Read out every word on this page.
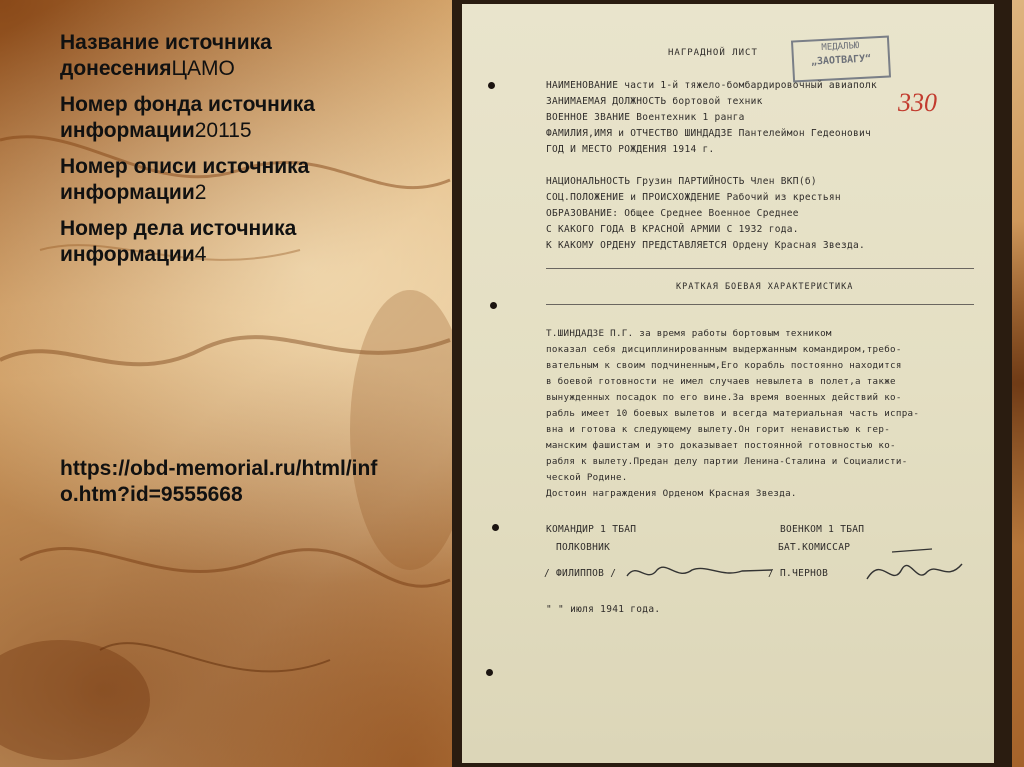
Название источника донесенияЦАМО
Номер фонда источника информации20115
Номер описи источника информации2
Номер дела источника информации4
https://obd-memorial.ru/html/info.htm?id=9555668
НАГРАДНОЙ ЛИСТ	МЕДАЛЬЮ
„ЗАОТВАГУ“
330
НАИМЕНОВАНИЕ части 1-й тяжело-бомбардировочный авиаполк
ЗАНИМАЕМАЯ ДОЛЖНОСТЬ бортовой техник
ВОЕННОЕ ЗВАНИЕ Воентехник 1 ранга
ФАМИЛИЯ,ИМЯ и ОТЧЕСТВО ШИНДАДЗЕ Пантелеймон Гедеонович
ГОД И МЕСТО РОЖДЕНИЯ 1914 г.
НАЦИОНАЛЬНОСТЬ Грузин ПАРТИЙНОСТЬ Член ВКП(б)
СОЦ.ПОЛОЖЕНИЕ и ПРОИСХОЖДЕНИЕ Рабочий из крестьян
ОБРАЗОВАНИЕ: Общее Среднее Военное Среднее
С КАКОГО ГОДА В КРАСНОЙ АРМИИ С 1932 года.
К КАКОМУ ОРДЕНУ ПРЕДСТАВЛЯЕТСЯ Ордену Красная Звезда.
КРАТКАЯ БОЕВАЯ ХАРАКТЕРИСТИКА
Т.ШИНДАДЗЕ П.Г. за время работы бортовым техником
показал себя дисциплинированным выдержанным командиром,требо-
вательным к своим подчиненным,Его корабль постоянно находится
в боевой готовности не имел случаев невылета в полет,а также
вынужденных посадок по его вине.За время военных действий ко-
рабль имеет 10 боевых вылетов и всегда материальная часть испра-
вна и готова к следующему вылету.Он горит ненавистью к гер-
манским фашистам и это доказывает постоянной готовностью ко-
рабля к вылету.Предан делу партии Ленина-Сталина и Социалисти-
ческой Родине.
Достоин награждения Орденом Красная Звезда.
КОМАНДИР 1 ТБАП
ПОЛКОВНИК
/ ФИЛИППОВ /
ВОЕНКОМ 1 ТБАП
БАТ.КОМИССАР
/ П.ЧЕРНОВ
" " июля 1941 года.
